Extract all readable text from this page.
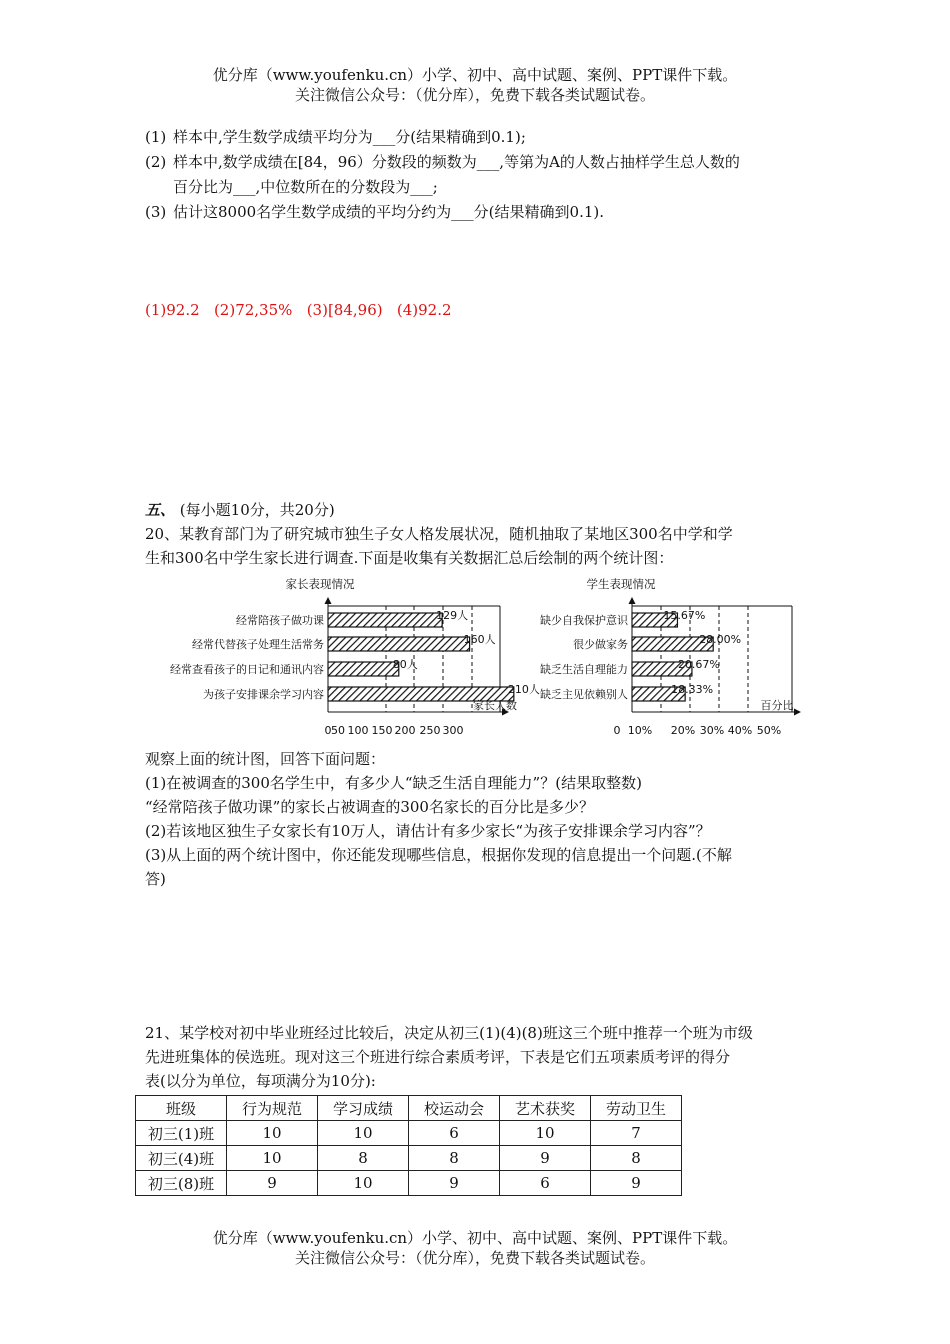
优分库（www.youfenku.cn）小学、初中、高中试题、案例、PPT课件下载。
关注微信公众号：（优分库），免费下载各类试题试卷。
(1) 样本中,学生数学成绩平均分为___分(结果精确到0.1);
(2) 样本中,数学成绩在[84，96）分数段的频数为___,等第为A的人数占抽样学生总人数的
百分比为___,中位数所在的分数段为___;
(3) 估计这8000名学生数学成绩的平均分约为___分(结果精确到0.1).
(1)92.2   (2)72,35%   (3)[84,96)   (4)92.2
五、 (每小题10分，共20分)
20、某教育部门为了研究城市独生子女人格发展状况，随机抽取了某地区300名中学和学
生和300名中学生家长进行调查.下面是收集有关数据汇总后绘制的两个统计图：
家长表现情况
经常陪孩子做功课	129人
经常代替孩子处理生活常务	160人
经常查看孩子的日记和通讯内容	80人
为孩子安排课余学习内容	210人
0 50 100 150 200 250 300
家长人数
学生表现情况
缺少自我保护意识	15.67%
很少做家务	28.00%
缺乏生活自理能力	20.67%
缺乏主见依赖别人	18.33%
0 10% 20% 30% 40% 50%
百分比
观察上面的统计图，回答下面问题：
(1)在被调查的300名学生中，有多少人“缺乏生活自理能力”？(结果取整数)
“经常陪孩子做功课”的家长占被调查的300名家长的百分比是多少？
(2)若该地区独生子女家长有10万人，请估计有多少家长“为孩子安排课余学习内容”？
(3)从上面的两个统计图中，你还能发现哪些信息，根据你发现的信息提出一个问题.(不解
答)
21、某学校对初中毕业班经过比较后，决定从初三(1)(4)(8)班这三个班中推荐一个班为市级
先进班集体的侯选班。现对这三个班进行综合素质考评，下表是它们五项素质考评的得分
表(以分为单位，每项满分为10分):
班级	行为规范	学习成绩	校运动会	艺术获奖	劳动卫生
初三(1)班	10	10	6	10	7
初三(4)班	10	8	8	9	8
初三(8)班	9	10	9	6	9
优分库（www.youfenku.cn）小学、初中、高中试题、案例、PPT课件下载。
关注微信公众号：（优分库），免费下载各类试题试卷。
